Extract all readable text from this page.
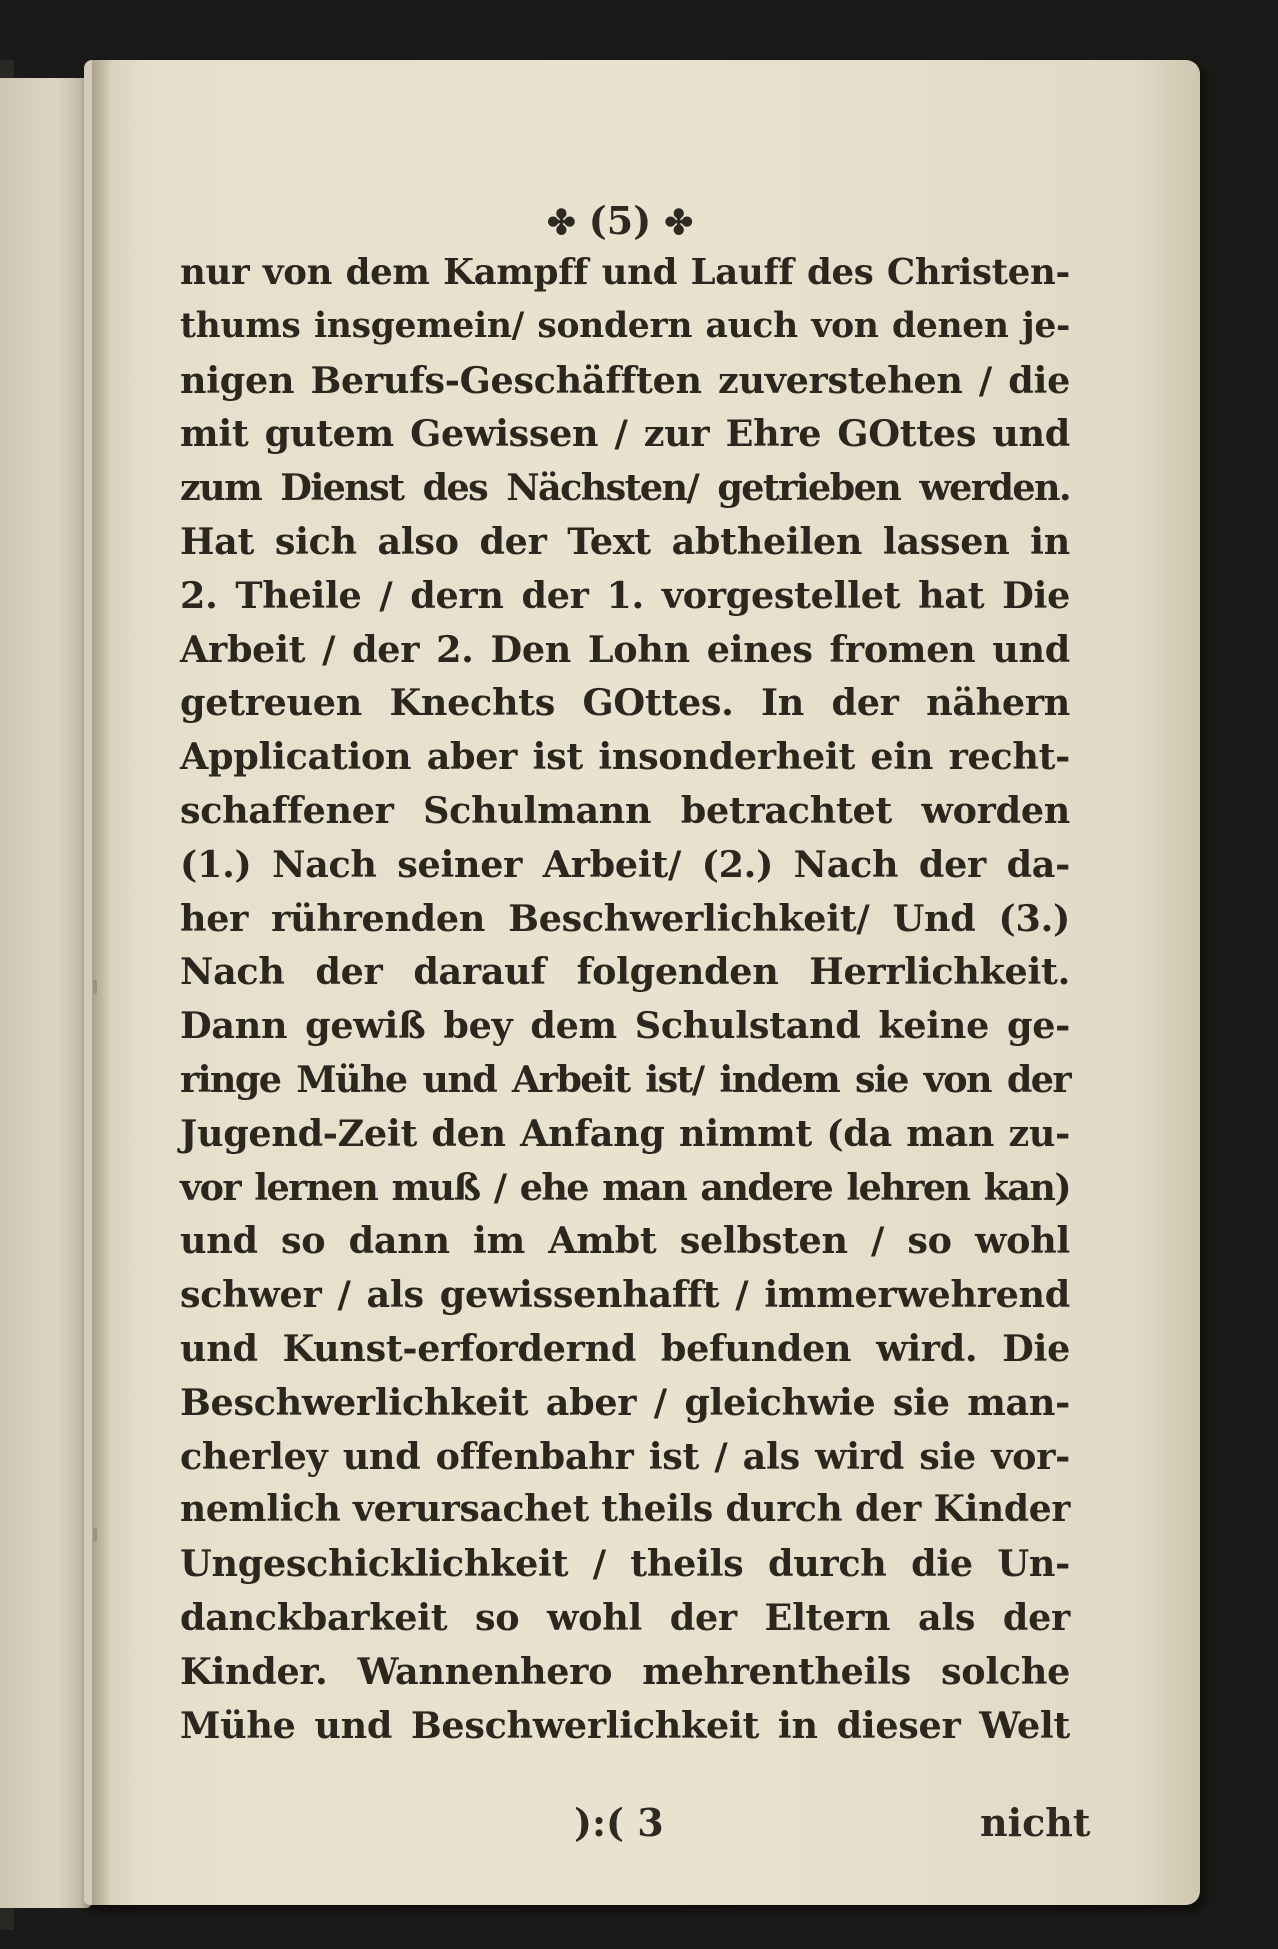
✤ (5) ✤
nur von dem Kampff und Lauff des Christen-
thums insgemein/ sondern auch von denen je-
nigen Berufs-Geschäfften zuverstehen / die
mit gutem Gewissen / zur Ehre GOttes und
zum Dienst des Nächsten/ getrieben werden.
Hat sich also der Text abtheilen lassen in
2. Theile / dern der 1. vorgestellet hat Die
Arbeit / der 2. Den Lohn eines fromen und
getreuen Knechts GOttes. In der nähern
Application aber ist insonderheit ein recht-
schaffener Schulmann betrachtet worden
(1.) Nach seiner Arbeit/ (2.) Nach der da-
her rührenden Beschwerlichkeit/ Und (3.)
Nach der darauf folgenden Herrlichkeit.
Dann gewiß bey dem Schulstand keine ge-
ringe Mühe und Arbeit ist/ indem sie von der
Jugend-Zeit den Anfang nimmt (da man zu-
vor lernen muß / ehe man andere lehren kan)
und so dann im Ambt selbsten / so wohl
schwer / als gewissenhafft / immerwehrend
und Kunst-erfordernd befunden wird. Die
Beschwerlichkeit aber / gleichwie sie man-
cherley und offenbahr ist / als wird sie vor-
nemlich verursachet theils durch der Kinder
Ungeschicklichkeit / theils durch die Un-
danckbarkeit so wohl der Eltern als der
Kinder. Wannenhero mehrentheils solche
Mühe und Beschwerlichkeit in dieser Welt
):( 3	nicht
